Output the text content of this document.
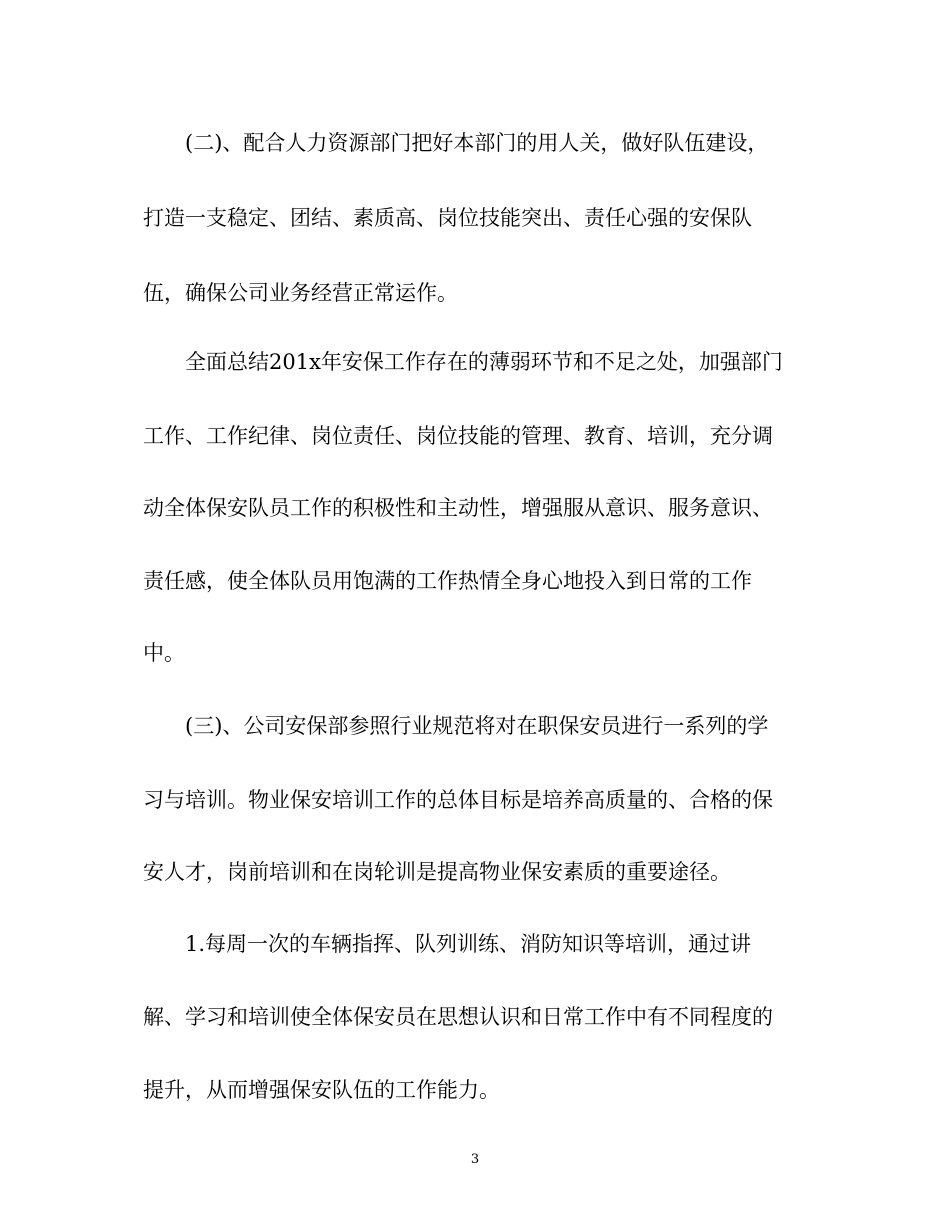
(二)、配合人力资源部门把好本部门的用人关，做好队伍建设，
打造一支稳定、团结、素质高、岗位技能突出、责任心强的安保队
伍，确保公司业务经营正常运作。
全面总结201x年安保工作存在的薄弱环节和不足之处，加强部门
工作、工作纪律、岗位责任、岗位技能的管理、教育、培训，充分调
动全体保安队员工作的积极性和主动性，增强服从意识、服务意识、
责任感，使全体队员用饱满的工作热情全身心地投入到日常的工作
中。
(三)、公司安保部参照行业规范将对在职保安员进行一系列的学
习与培训。物业保安培训工作的总体目标是培养高质量的、合格的保
安人才，岗前培训和在岗轮训是提高物业保安素质的重要途径。
1.每周一次的车辆指挥、队列训练、消防知识等培训，通过讲
解、学习和培训使全体保安员在思想认识和日常工作中有不同程度的
提升，从而增强保安队伍的工作能力。
3
